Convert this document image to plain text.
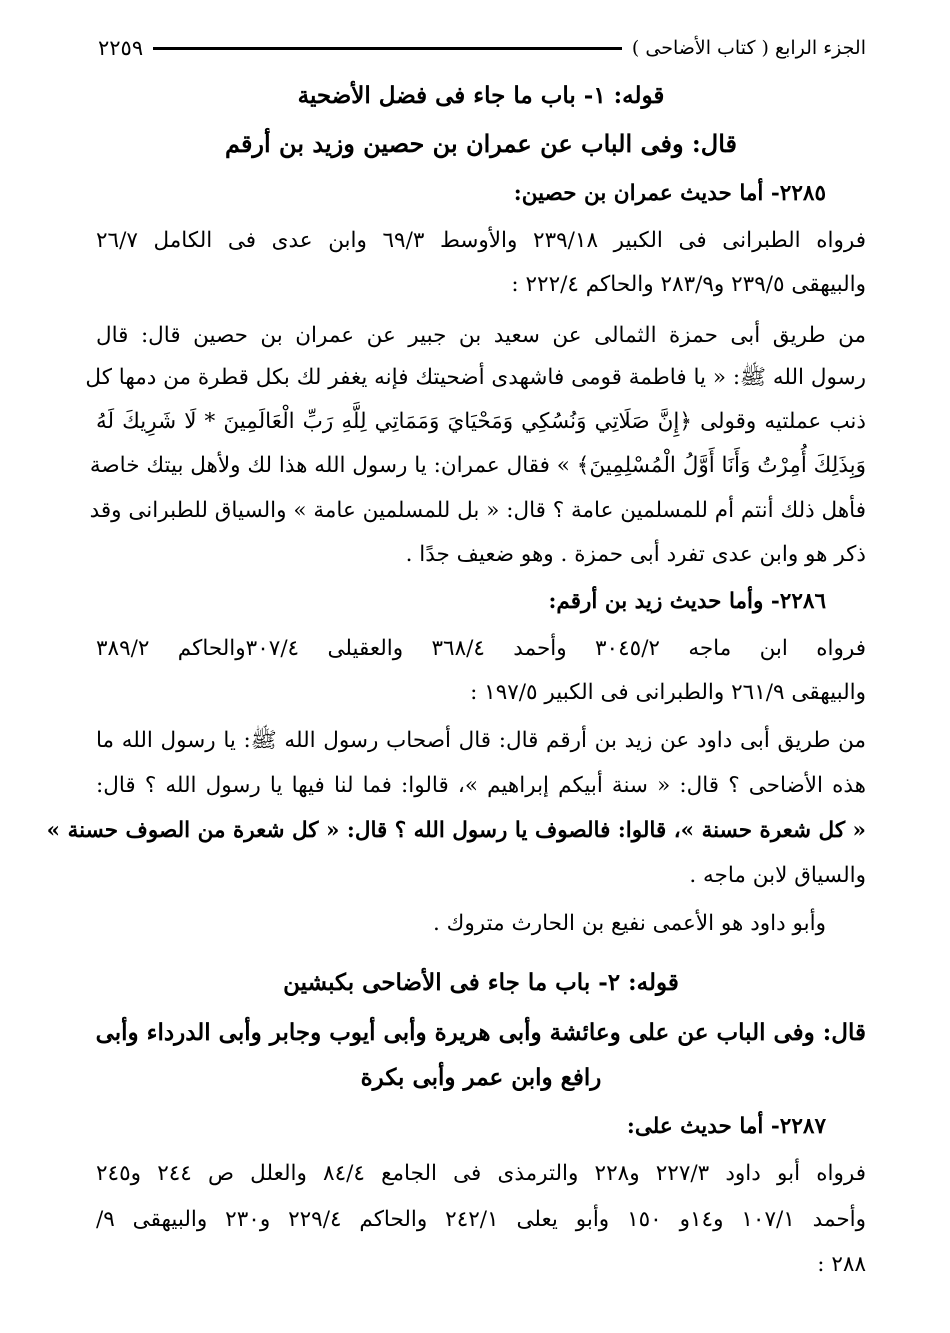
الجزء الرابع ( كتاب الأضاحى )
٢٢٥٩
قوله: ١- باب ما جاء فى فضل الأضحية
قال: وفى الباب عن عمران بن حصين وزيد بن أرقم
٢٢٨٥- أما حديث عمران بن حصين:
فرواه الطبرانى فى الكبير ٢٣٩/١٨ والأوسط ٦٩/٣ وابن عدى فى الكامل ٢٦/٧
والبيهقى ٢٣٩/٥ و٢٨٣/٩ والحاكم ٢٢٢/٤ :
من طريق أبى حمزة الثمالى عن سعيد بن جبير عن عمران بن حصين قال: قال
رسول الله ﷺ: « يا فاطمة قومى فاشهدى أضحيتك فإنه يغفر لك بكل قطرة من دمها كل
ذنب عملتيه وقولى ﴿إِنَّ صَلَاتِي وَنُسُكِي وَمَحْيَايَ وَمَمَاتِي لِلَّهِ رَبِّ الْعَالَمِينَ * لَا شَرِيكَ لَهُ
وَبِذَلِكَ أُمِرْتُ وَأَنَا أَوَّلُ الْمُسْلِمِينَ﴾ » فقال عمران: يا رسول الله هذا لك ولأهل بيتك خاصة
فأهل ذلك أنتم أم للمسلمين عامة ؟ قال: « بل للمسلمين عامة » والسياق للطبرانى وقد
ذكر هو وابن عدى تفرد أبى حمزة . وهو ضعيف جدًا .
٢٢٨٦- وأما حديث زيد بن أرقم:
فرواه ابن ماجه ٣٠٤٥/٢ وأحمد ٣٦٨/٤ والعقيلى ٣٠٧/٤والحاكم ٣٨٩/٢
والبيهقى ٢٦١/٩ والطبرانى فى الكبير ١٩٧/٥ :
من طريق أبى داود عن زيد بن أرقم قال: قال أصحاب رسول الله ﷺ: يا رسول الله ما
هذه الأضاحى ؟ قال: « سنة أبيكم إبراهيم »، قالوا: فما لنا فيها يا رسول الله ؟ قال:
« كل شعرة حسنة »، قالوا: فالصوف يا رسول الله ؟ قال: « كل شعرة من الصوف حسنة »
والسياق لابن ماجه .
وأبو داود هو الأعمى نفيع بن الحارث متروك .
قوله: ٢- باب ما جاء فى الأضاحى بكبشين
قال: وفى الباب عن على وعائشة وأبى هريرة وأبى أيوب وجابر وأبى الدرداء وأبى
رافع وابن عمر وأبى بكرة
٢٢٨٧- أما حديث على:
فرواه أبو داود ٢٢٧/٣ و٢٢٨ والترمذى فى الجامع ٨٤/٤ والعلل ص ٢٤٤ و٢٤٥
وأحمد ١٠٧/١ و١٤و ١٥٠ وأبو يعلى ٢٤٢/١ والحاكم ٢٢٩/٤ و٢٣٠ والبيهقى ٩/
٢٨٨ :
